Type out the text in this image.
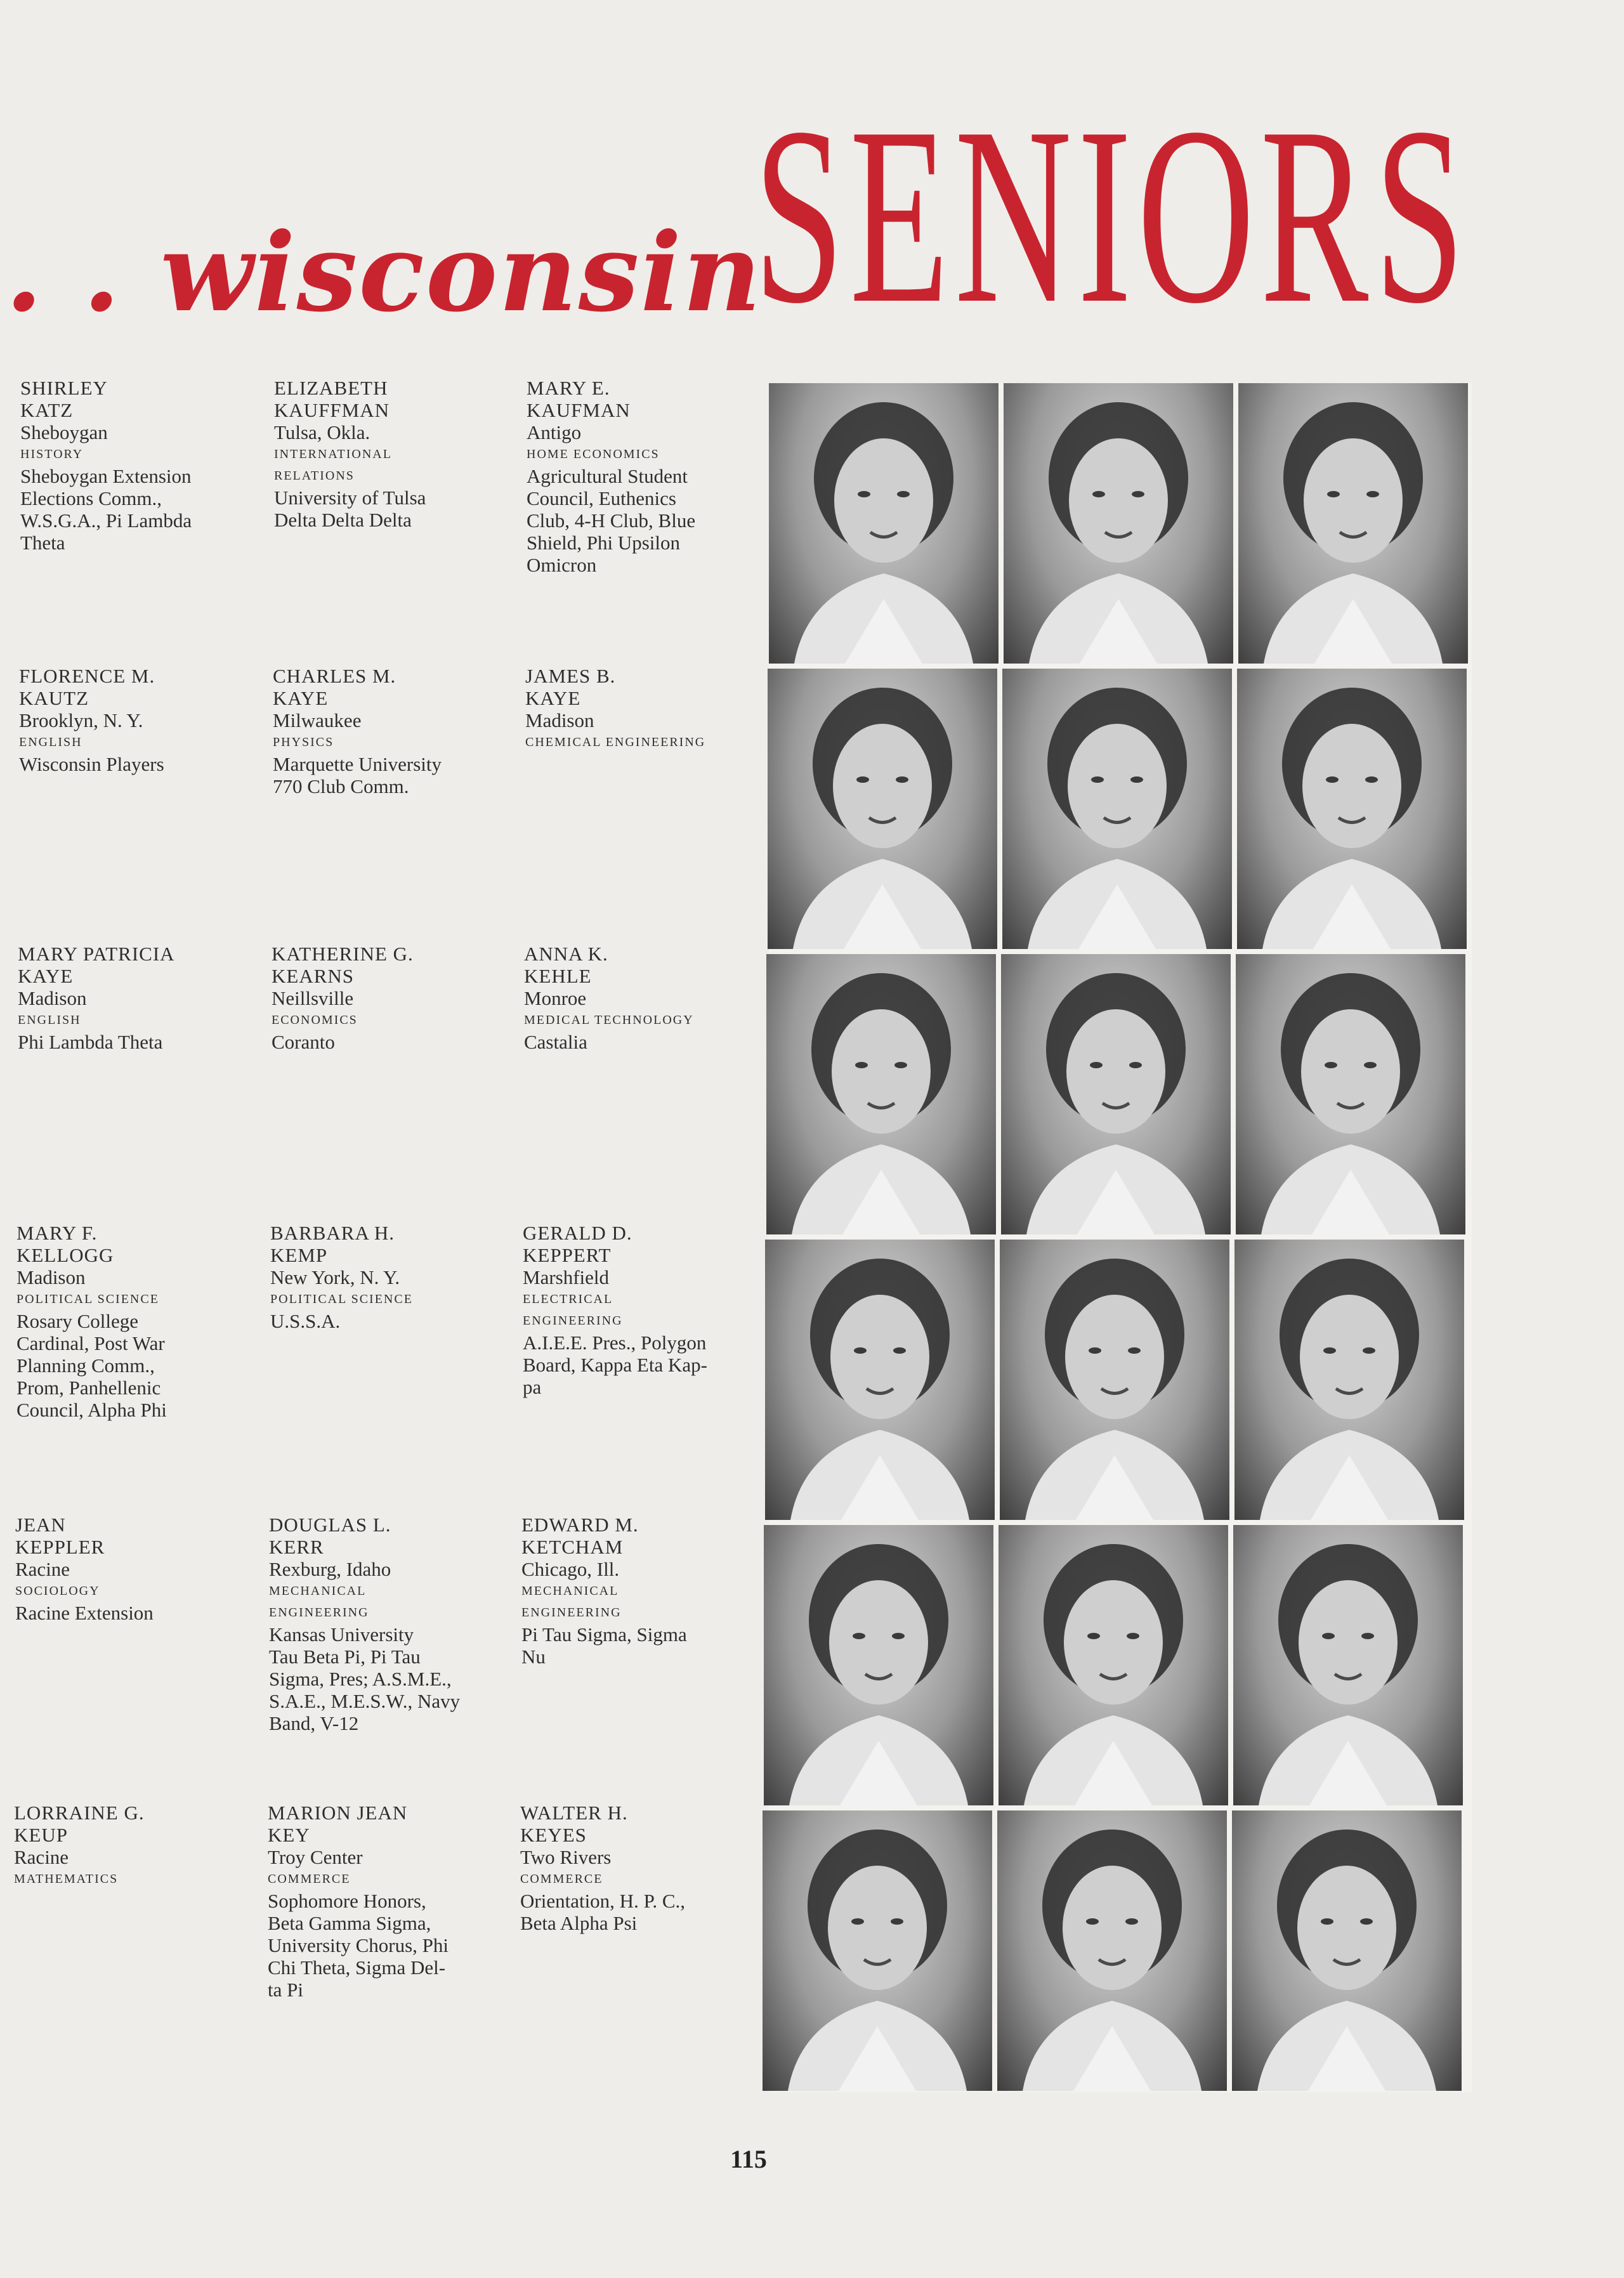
. . wisconsin
SENIORS
SHIRLEY
KATZ
Sheboygan
HISTORY
Sheboygan Extension
Elections Comm.,
W.S.G.A., Pi Lambda
Theta
ELIZABETH
KAUFFMAN
Tulsa, Okla.
INTERNATIONAL
RELATIONS
University of Tulsa
Delta Delta Delta
MARY E.
KAUFMAN
Antigo
HOME ECONOMICS
Agricultural Student
Council, Euthenics
Club, 4-H Club, Blue
Shield, Phi Upsilon
Omicron
FLORENCE M.
KAUTZ
Brooklyn, N. Y.
ENGLISH
Wisconsin Players
CHARLES M.
KAYE
Milwaukee
PHYSICS
Marquette University
770 Club Comm.
JAMES B.
KAYE
Madison
CHEMICAL ENGINEERING
MARY PATRICIA
KAYE
Madison
ENGLISH
Phi Lambda Theta
KATHERINE G.
KEARNS
Neillsville
ECONOMICS
Coranto
ANNA K.
KEHLE
Monroe
MEDICAL TECHNOLOGY
Castalia
MARY F.
KELLOGG
Madison
POLITICAL SCIENCE
Rosary College
Cardinal, Post War
Planning Comm.,
Prom, Panhellenic
Council, Alpha Phi
BARBARA H.
KEMP
New York, N. Y.
POLITICAL SCIENCE
U.S.S.A.
GERALD D.
KEPPERT
Marshfield
ELECTRICAL
ENGINEERING
A.I.E.E. Pres., Polygon
Board, Kappa Eta Kap-
pa
JEAN
KEPPLER
Racine
SOCIOLOGY
Racine Extension
DOUGLAS L.
KERR
Rexburg, Idaho
MECHANICAL
ENGINEERING
Kansas University
Tau Beta Pi, Pi Tau
Sigma, Pres; A.S.M.E.,
S.A.E., M.E.S.W., Navy
Band, V-12
EDWARD M.
KETCHAM
Chicago, Ill.
MECHANICAL
ENGINEERING
Pi Tau Sigma, Sigma
Nu
LORRAINE G.
KEUP
Racine
MATHEMATICS
MARION JEAN
KEY
Troy Center
COMMERCE
Sophomore Honors,
Beta Gamma Sigma,
University Chorus, Phi
Chi Theta, Sigma Del-
ta Pi
WALTER H.
KEYES
Two Rivers
COMMERCE
Orientation, H. P. C.,
Beta Alpha Psi
115
